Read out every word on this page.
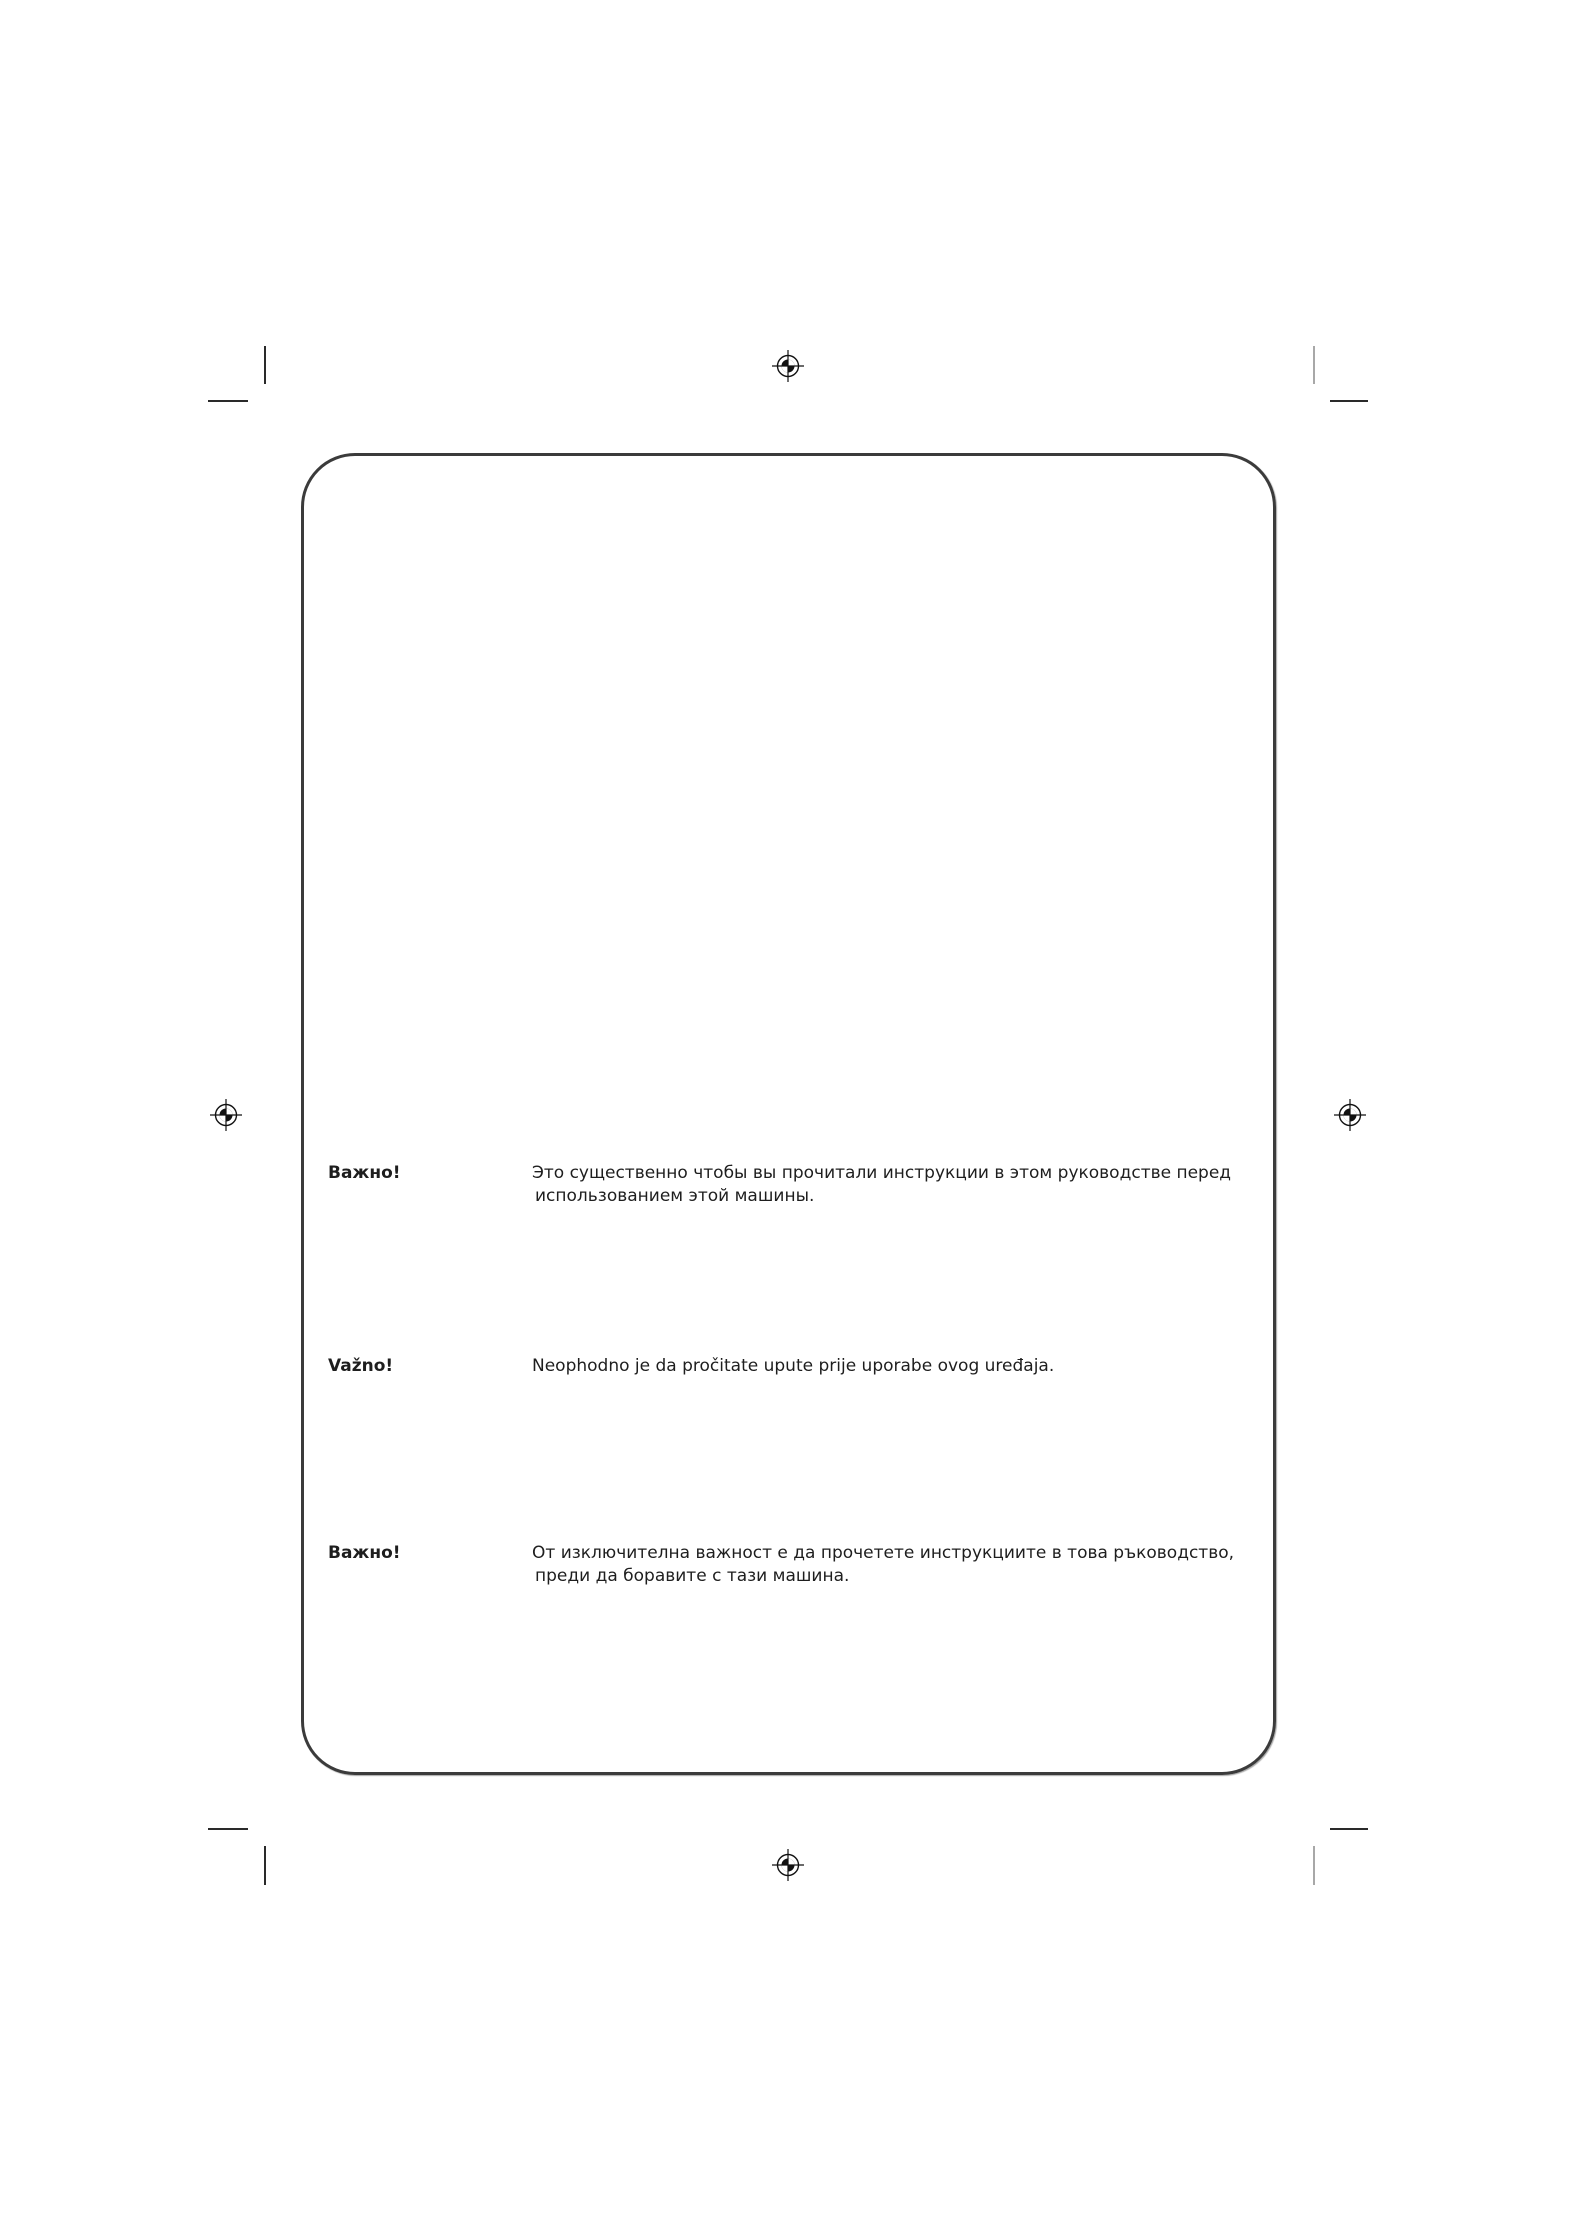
Важно!	Это существенно чтобы вы прочитали инструкции в этом руководстве перед
использованием этой машины.
Važno!	Neophodno je da pročitate upute prije uporabe ovog uređaja.
Важно!	От изключителна важност е да прочетете инструкциите в това ръководство,
преди да боравите с тази машина.
